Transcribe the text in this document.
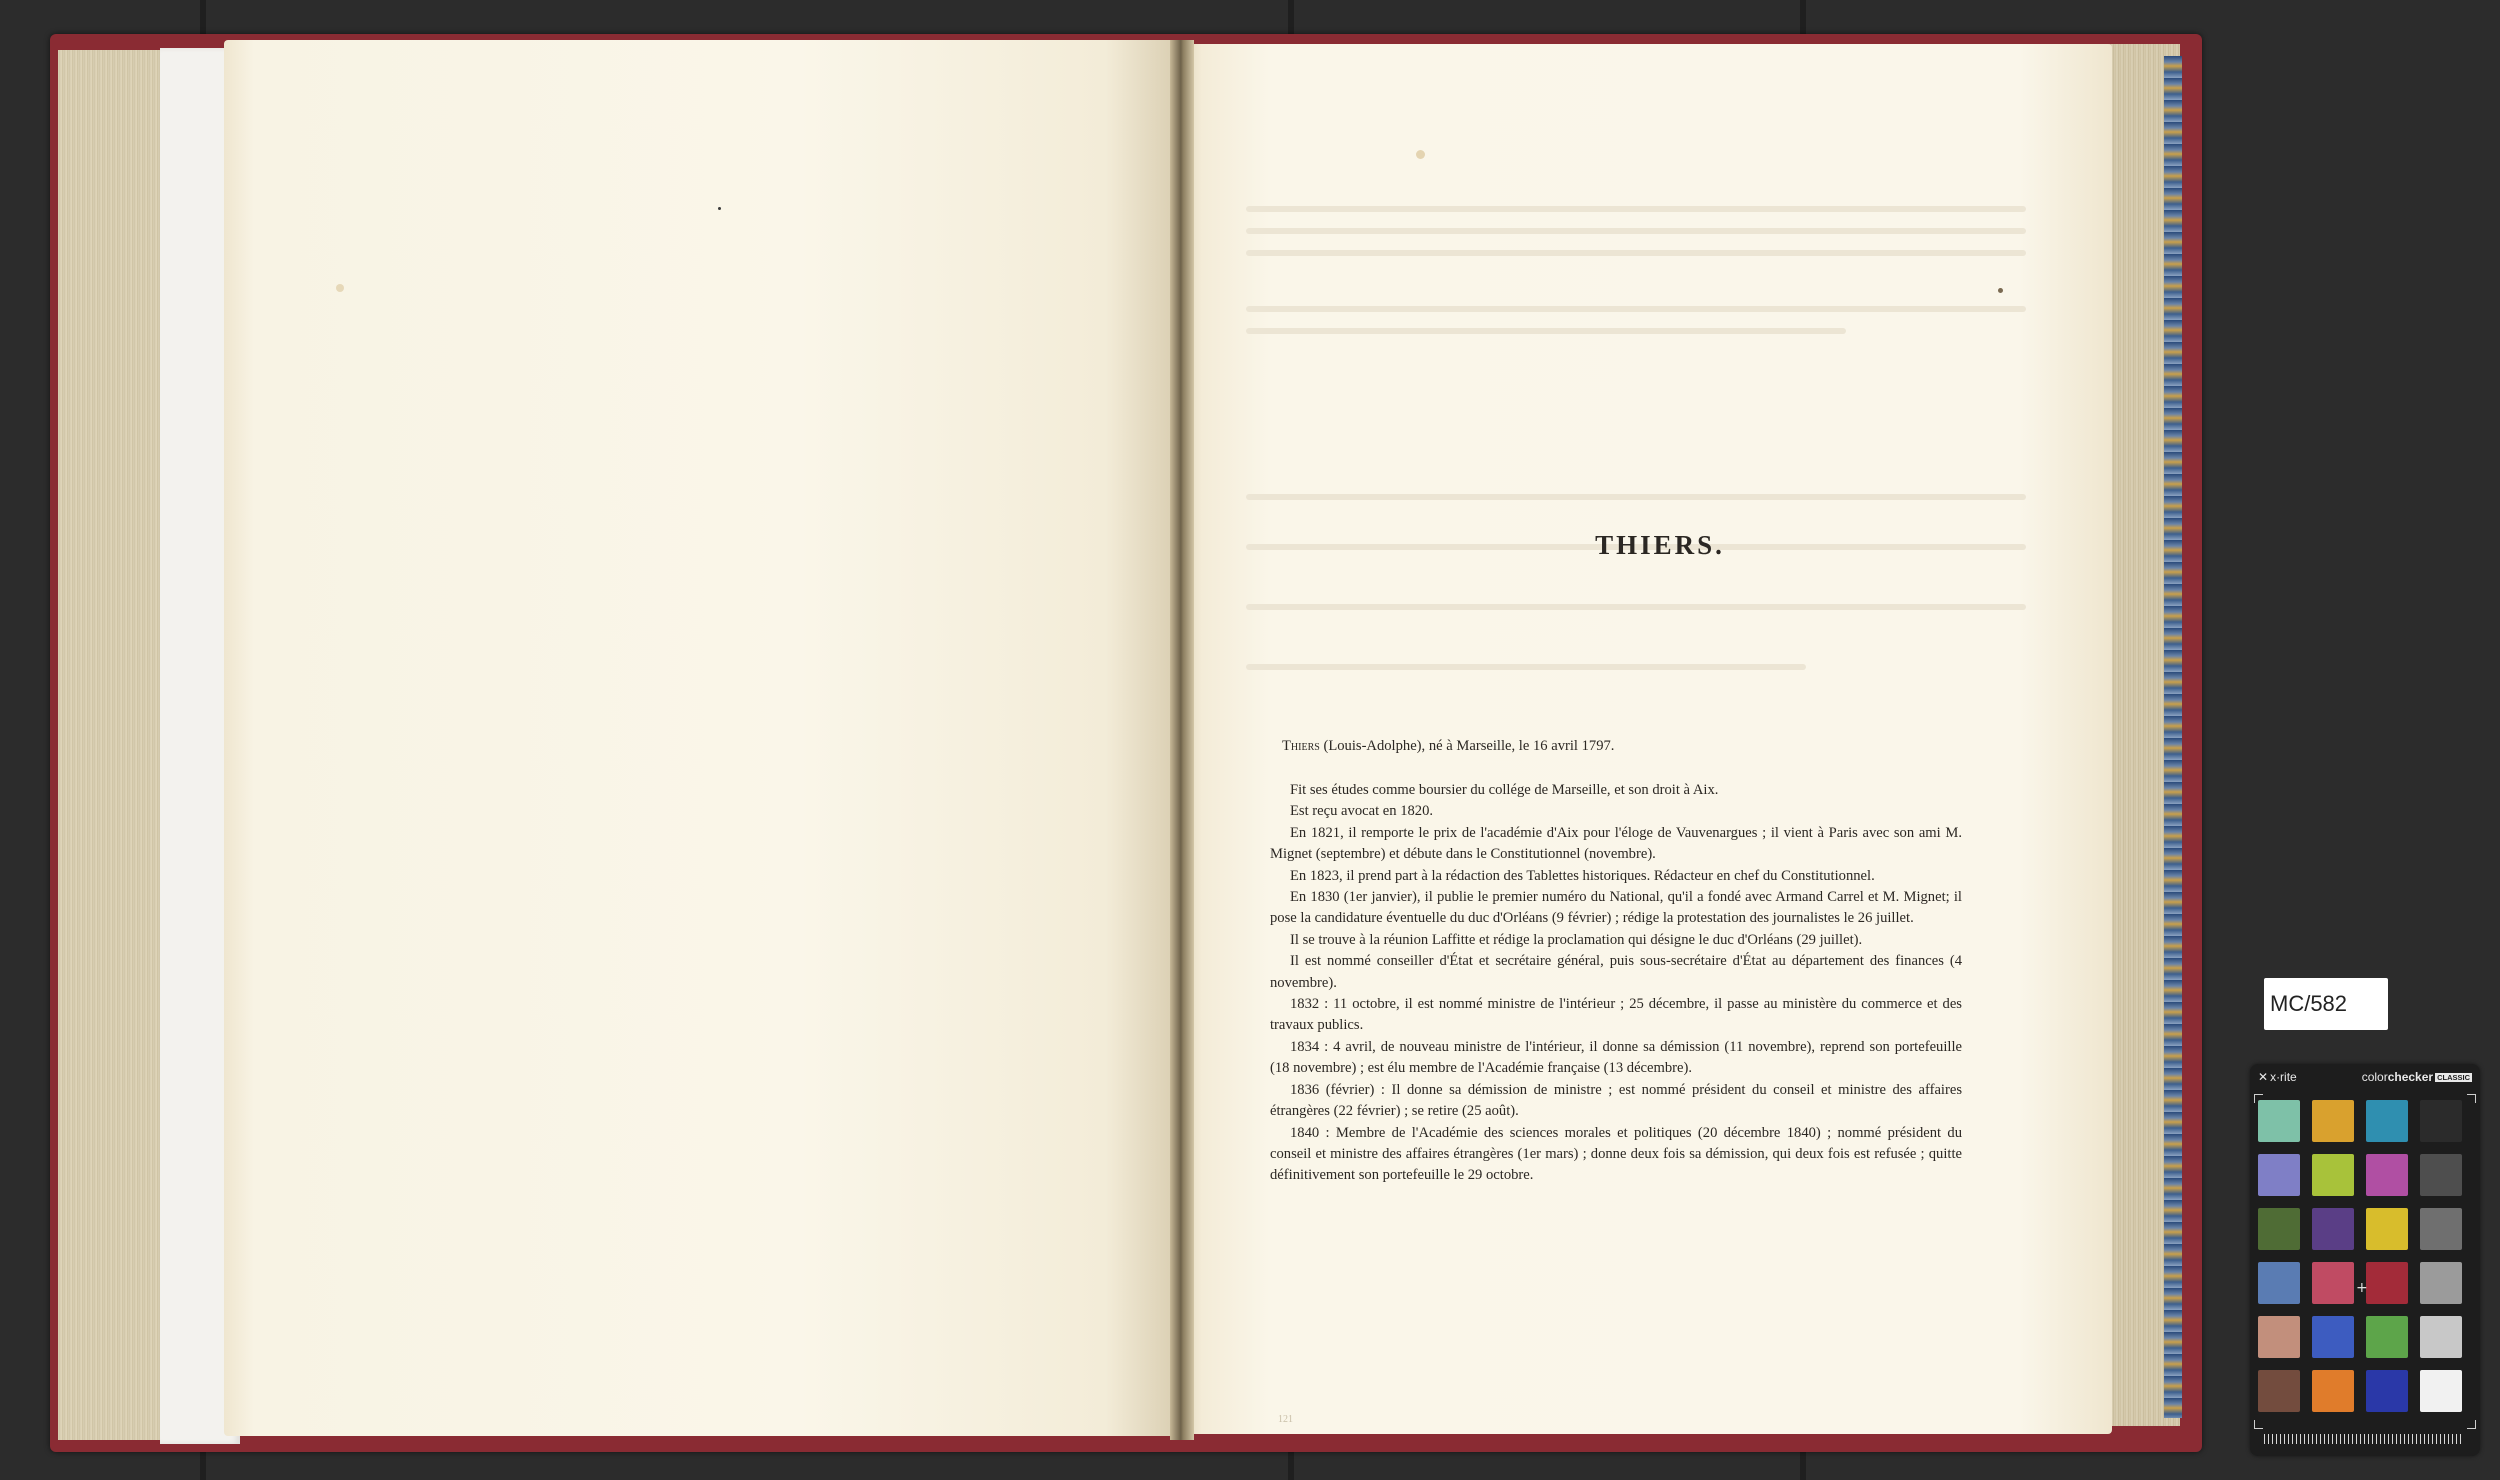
THIERS.
Thiers (Louis-Adolphe), né à Marseille, le 16 avril 1797.

Fit ses études comme boursier du collége de Marseille, et son droit à Aix.

Est reçu avocat en 1820.

En 1821, il remporte le prix de l'académie d'Aix pour l'éloge de Vauvenargues ; il vient à Paris avec son ami M. Mignet (septembre) et débute dans le Constitutionnel (novembre).

En 1823, il prend part à la rédaction des Tablettes historiques. Rédacteur en chef du Constitutionnel.

En 1830 (1er janvier), il publie le premier numéro du National, qu'il a fondé avec Armand Carrel et M. Mignet; il pose la candidature éventuelle du duc d'Orléans (9 février) ; rédige la protestation des journalistes le 26 juillet.

Il se trouve à la réunion Laffitte et rédige la proclamation qui désigne le duc d'Orléans (29 juillet).

Il est nommé conseiller d'État et secrétaire général, puis sous-secrétaire d'État au département des finances (4 novembre).

1832 : 11 octobre, il est nommé ministre de l'intérieur ; 25 décembre, il passe au ministère du commerce et des travaux publics.

1834 : 4 avril, de nouveau ministre de l'intérieur, il donne sa démission (11 novembre), reprend son portefeuille (18 novembre) ; est élu membre de l'Académie française (13 décembre).

1836 (février) : Il donne sa démission de ministre ; est nommé président du conseil et ministre des affaires étrangères (22 février) ; se retire (25 août).

1840 : Membre de l'Académie des sciences morales et politiques (20 décembre 1840) ; nommé président du conseil et ministre des affaires étrangères (1er mars) ; donne deux fois sa démission, qui deux fois est refusée ; quitte définitivement son portefeuille le 29 octobre.

121
MC/582
✕ x·rite	colorchecker CLASSIC
+
